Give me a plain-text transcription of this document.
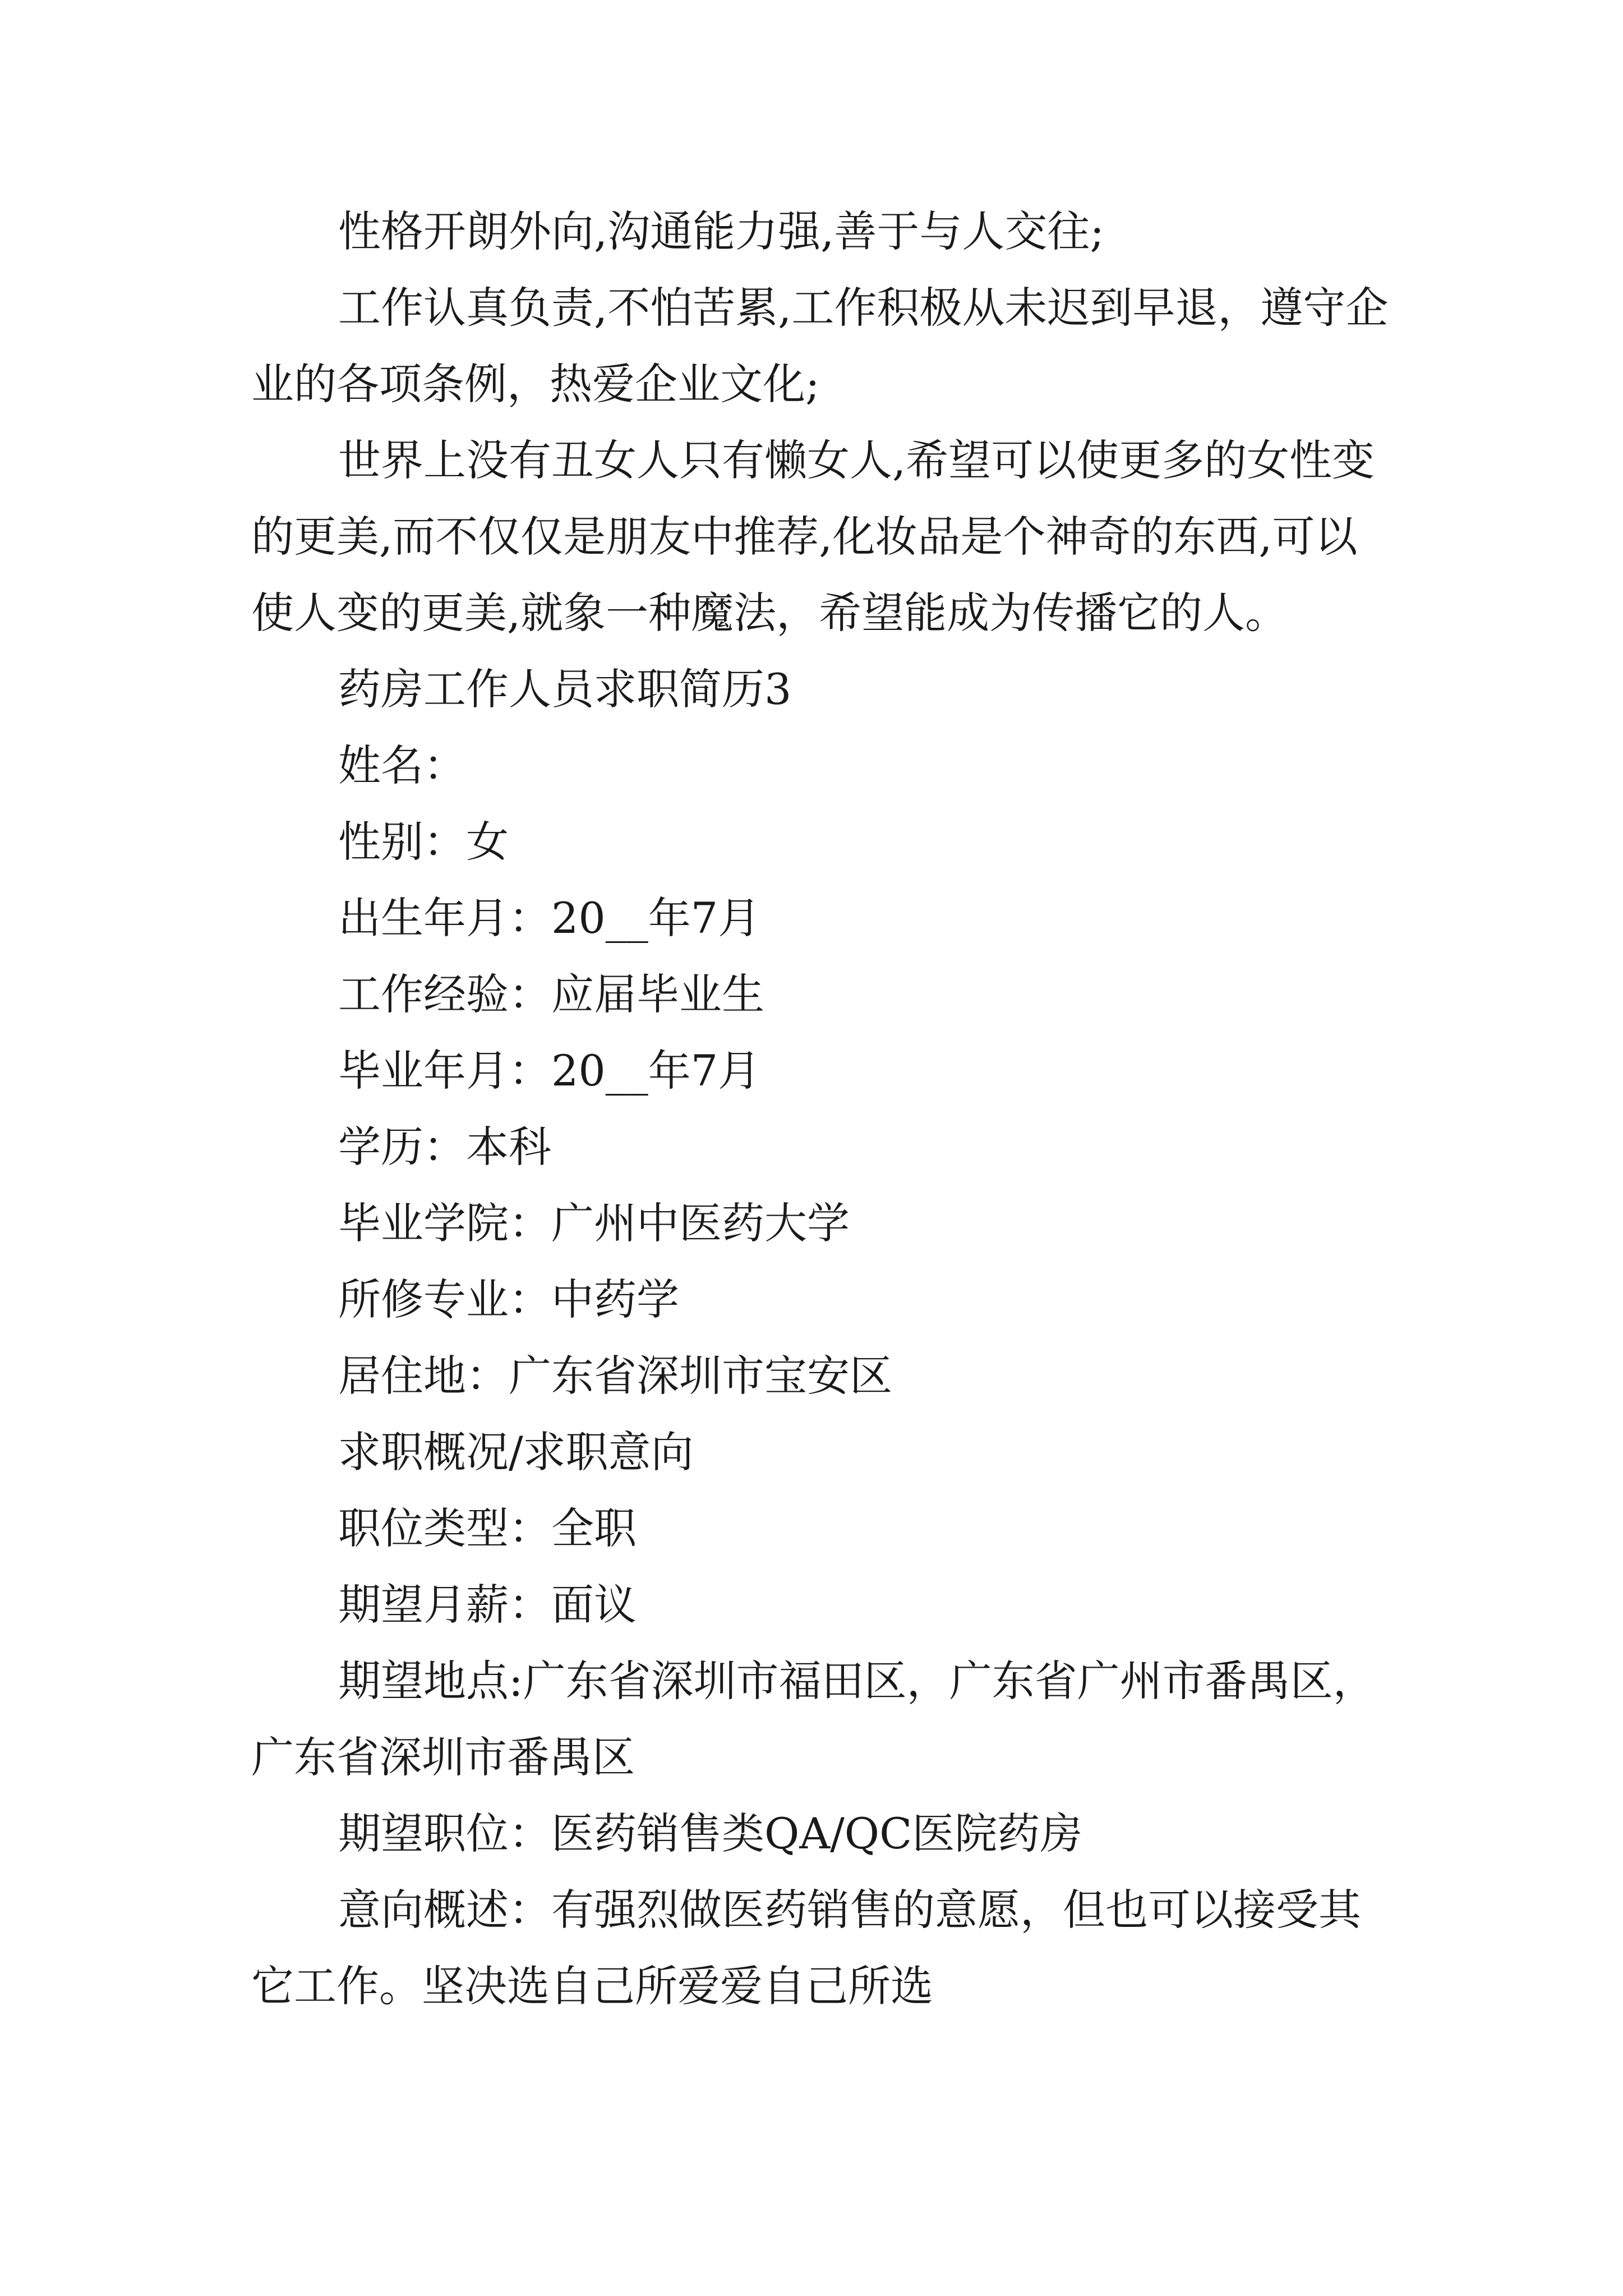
性格开朗外向,沟通能力强,善于与人交往;

工作认真负责,不怕苦累,工作积极从未迟到早退，遵守企业的各项条例，热爱企业文化;

世界上没有丑女人只有懒女人,希望可以使更多的女性变的更美,而不仅仅是朋友中推荐,化妆品是个神奇的东西,可以使人变的更美,就象一种魔法，希望能成为传播它的人。

药房工作人员求职简历3

姓名：

性别：女

出生年月：20__年7月

工作经验：应届毕业生

毕业年月：20__年7月

学历：本科

毕业学院：广州中医药大学

所修专业：中药学

居住地：广东省深圳市宝安区

求职概况/求职意向

职位类型：全职

期望月薪：面议

期望地点:广东省深圳市福田区，广东省广州市番禺区，广东省深圳市番禺区

期望职位：医药销售类QA/QC医院药房

意向概述：有强烈做医药销售的意愿，但也可以接受其它工作。坚决选自己所爱爱自己所选
